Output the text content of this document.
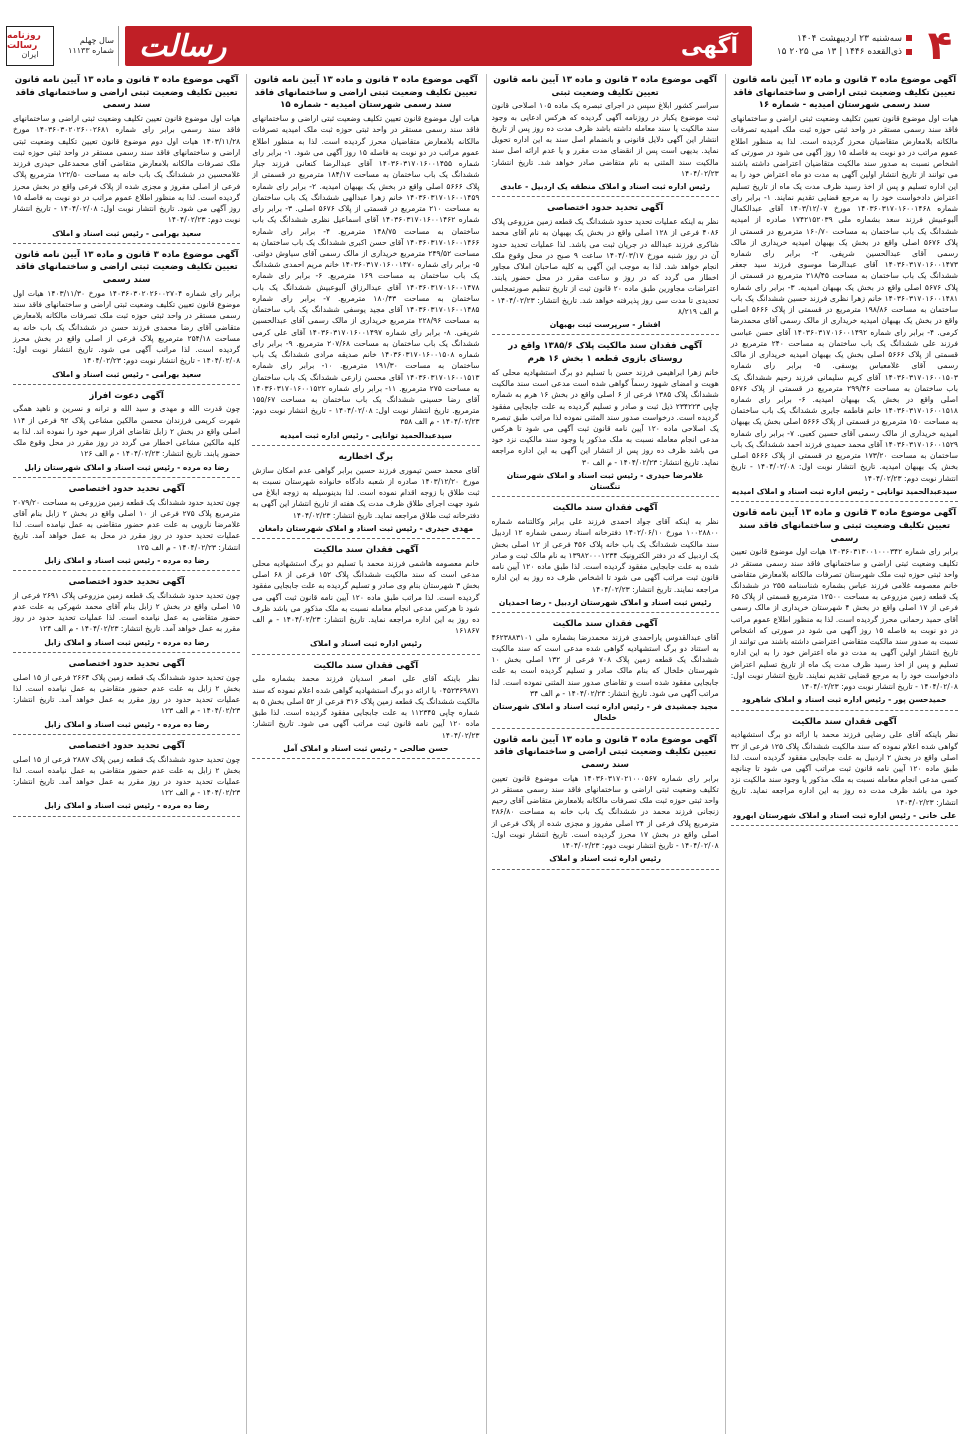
روزنامه رسالت
ایران
سال چهلم
شماره ۱۱۱۳۳ رسالت	آگهی	سه‌شنبه ۲۳ اردیبهشت ۱۴۰۴
۱۵ ذی‌القعده ۱۴۴۶ | ۱۳ می ۲۰۲۵ ۴
آگهی موضوع ماده ۳ قانون و ماده ۱۳ آیین نامه قانون تعیین تکلیف وضعیت ثبتی اراضی و ساختمانهای فاقد سند رسمی شهرستان امیدیه - شماره ۱۶
هیات اول موضوع قانون تعیین تکلیف وضعیت ثبتی اراضی و ساختمانهای فاقد سند رسمی مستقر در واحد ثبتی حوزه ثبت ملک امیدیه تصرفات مالکانه بلامعارض متقاضیان محرز گردیده است. لذا به منظور اطلاع عموم مراتب در دو نوبت به فاصله ۱۵ روز آگهی می شود در صورتی که اشخاص نسبت به صدور سند مالکیت متقاضیان اعتراضی داشته باشند می توانند از تاریخ انتشار اولین آگهی به مدت دو ماه اعتراض خود را به این اداره تسلیم و پس از اخذ رسید ظرف مدت یک ماه از تاریخ تسلیم اعتراض دادخواست خود را به مرجع قضایی تقدیم نمایند. ۱- برابر رای شماره ۱۴۰۳۶۰۳۱۷۰۱۶۰۰۱۴۶۸ مورخ ۱۴۰۳/۱۲/۰۷ آقای عبدالکمال آلبوعبیش فرزند سعد بشماره ملی ۱۷۴۲۱۵۲۰۳۹ صادره از امیدیه ششدانگ یک باب ساختمان به مساحت ۱۶۰/۷۰ مترمربع در قسمتی از پلاک ۵۶۷۶ اصلی واقع در بخش یک بهبهان امیدیه خریداری از مالک رسمی آقای عبدالحسین شریفی. ۲- برابر رای شماره ۱۴۰۳۶۰۳۱۷۰۱۶۰۰۱۴۷۳ آقای عبدالرضا موسوی فرزند سید جعفر ششدانگ یک باب ساختمان به مساحت ۲۱۸/۴۵ مترمربع در قسمتی از پلاک ۵۶۷۶ اصلی واقع در بخش یک بهبهان امیدیه. ۳- برابر رای شماره ۱۴۰۳۶۰۳۱۷۰۱۶۰۰۱۴۸۱ خانم زهرا نظری فرزند حسین ششدانگ یک باب ساختمان به مساحت ۱۹۸/۸۶ مترمربع در قسمتی از پلاک ۵۶۶۶ اصلی واقع در بخش یک بهبهان امیدیه خریداری از مالک رسمی آقای محمدرضا کرمی. ۴- برابر رای شماره ۱۴۰۳۶۰۳۱۷۰۱۶۰۰۱۴۹۲ آقای حسن عباسی فرزند علی ششدانگ یک باب ساختمان به مساحت ۲۴۰ مترمربع در قسمتی از پلاک ۵۶۶۶ اصلی بخش یک بهبهان امیدیه خریداری از مالک رسمی آقای غلامعباس یوسفی. ۵- برابر رای شماره ۱۴۰۳۶۰۳۱۷۰۱۶۰۰۱۵۰۳ آقای کریم سلیمانی فرزند رحیم ششدانگ یک باب ساختمان به مساحت ۲۹۹/۴۶ مترمربع در قسمتی از پلاک ۵۶۷۶ اصلی واقع در بخش یک بهبهان امیدیه. ۶- برابر رای شماره ۱۴۰۳۶۰۳۱۷۰۱۶۰۰۱۵۱۸ خانم فاطمه جابری ششدانگ یک باب ساختمان به مساحت ۱۵۰ مترمربع در قسمتی از پلاک ۵۶۶۶ اصلی بخش یک بهبهان امیدیه خریداری از مالک رسمی آقای حسین کعبی. ۷- برابر رای شماره ۱۴۰۳۶۰۳۱۷۰۱۶۰۰۱۵۲۹ آقای محمد حمیدی فرزند احمد ششدانگ یک باب ساختمان به مساحت ۱۷۳/۲۰ مترمربع در قسمتی از پلاک ۵۶۶۶ اصلی بخش یک بهبهان امیدیه. تاریخ انتشار نوبت اول: ۱۴۰۴/۰۲/۰۸ - تاریخ انتشار نوبت دوم: ۱۴۰۴/۰۲/۲۳
سیدعبدالحمید توانایی - رئیس اداره ثبت اسناد و املاک امیدیه
آگهی موضوع ماده ۳ قانون و ماده ۱۳ آیین نامه قانون تعیین تکلیف وضعیت ثبتی و ساختمانهای فاقد سند رسمی
برابر رای شماره ۱۴۰۳۶۰۳۱۳۰۰۱۰۰۰۳۴۲ هیات اول موضوع قانون تعیین تکلیف وضعیت ثبتی اراضی و ساختمانهای فاقد سند رسمی مستقر در واحد ثبتی حوزه ثبت ملک شهرستان تصرفات مالکانه بلامعارض متقاضی خانم معصومه غلامی فرزند عباس بشماره شناسنامه ۲۵۵ در ششدانگ یک قطعه زمین مزروعی به مساحت ۱۲۵۰۰ مترمربع قسمتی از پلاک ۶۵ فرعی از ۱۷ اصلی واقع در بخش ۴ شهرستان خریداری از مالک رسمی آقای حمید رحمانی محرز گردیده است. لذا به منظور اطلاع عموم مراتب در دو نوبت به فاصله ۱۵ روز آگهی می شود در صورتی که اشخاص نسبت به صدور سند مالکیت متقاضی اعتراضی داشته باشند می توانند از تاریخ انتشار اولین آگهی به مدت دو ماه اعتراض خود را به این اداره تسلیم و پس از اخذ رسید ظرف مدت یک ماه از تاریخ تسلیم اعتراض دادخواست خود را به مرجع قضایی تقدیم نمایند. تاریخ انتشار نوبت اول: ۱۴۰۴/۰۲/۰۸ - تاریخ انتشار نوبت دوم: ۱۴۰۴/۰۲/۲۳
حمیدحسن پور - رئیس اداره ثبت اسناد و املاک شاهرود
آگهی فقدان سند مالکیت
نظر باینکه آقای علی رضایی فرزند محمد با ارائه دو برگ استشهادیه گواهی شده اعلام نموده که سند مالکیت ششدانگ پلاک ۱۲۵ فرعی از ۳۲ اصلی واقع در بخش ۲ اردبیل به علت جابجایی مفقود گردیده است. لذا طبق ماده ۱۲۰ آیین نامه قانون ثبت مراتب آگهی می شود تا چنانچه کسی مدعی انجام معامله نسبت به ملک مذکور یا وجود سند مالکیت نزد خود می باشد ظرف مدت ده روز به این اداره مراجعه نماید. تاریخ انتشار: ۱۴۰۴/۰۲/۲۳
علی خانی - رئیس اداره ثبت اسناد و املاک شهرستان ابهرود
آگهی موضوع ماده ۳ قانون و ماده ۱۳ آیین نامه قانون تعیین تکلیف وضعیت ثبتی
سراسر کشور ابلاغ سپس در اجرای تبصره یک ماده ۱۰۵ اصلاحی قانون ثبت موضوع یکبار در روزنامه آگهی گردیده که هرکس ادعایی به وجود سند مالکیت یا سند معامله داشته باشد ظرف مدت ده روز پس از تاریخ انتشار این آگهی دلایل قانونی و بانضمام اصل سند به این اداره تحویل نماید. بدیهی است پس از انقضای مدت مقرر و یا عدم ارائه اصل سند مالکیت سند المثنی به نام متقاضی صادر خواهد شد. تاریخ انتشار: ۱۴۰۴/۰۲/۲۳
رئیس اداره ثبت اسناد و املاک منطقه یک اردبیل - عابدی
آگهی تحدید حدود اختصاصی
نظر به اینکه عملیات تحدید حدود ششدانگ یک قطعه زمین مزروعی پلاک ۴۰۸۶ فرعی از ۱۲۸ اصلی واقع در بخش یک بهبهان به نام آقای محمد شاکری فرزند عبدالله در جریان ثبت می باشد. لذا عملیات تحدید حدود آن در روز شنبه مورخ ۱۴۰۴/۰۳/۱۷ ساعت ۹ صبح در محل وقوع ملک انجام خواهد شد. لذا به موجب این آگهی به کلیه صاحبان املاک مجاور اخطار می گردد که در روز و ساعت مقرر در محل حضور یابند. اعتراضات مجاورین طبق ماده ۲۰ قانون ثبت از تاریخ تنظیم صورتمجلس تحدیدی تا مدت سی روز پذیرفته خواهد شد. تاریخ انتشار: ۱۴۰۴/۰۲/۲۳ - م الف ۸/۲۱۹
افشار - سرپرست ثبت بهبهان
آگهی فقدان سند مالکیت پلاک ۱۳۸۵/۶ واقع در روستای بازوی قطعه ۱ بخش ۱۶ هرم
خانم زهرا ابراهیمی فرزند حسن با تسلیم دو برگ استشهادیه محلی که هویت و امضای شهود رسماً گواهی شده است مدعی است سند مالکیت ششدانگ پلاک ۱۳۸۵ فرعی از ۶ اصلی واقع در بخش ۱۶ هرم به شماره چاپی ۲۳۴۲۲۳ ذیل ثبت و صادر و تسلیم گردیده به علت جابجایی مفقود گردیده است. درخواست صدور سند المثنی نموده لذا مراتب طبق تبصره یک اصلاحی ماده ۱۲۰ آیین نامه قانون ثبت آگهی می شود تا هرکس مدعی انجام معامله نسبت به ملک مذکور یا وجود سند مالکیت نزد خود می باشد ظرف ده روز پس از انتشار این آگهی به این اداره مراجعه نماید. تاریخ انتشار: ۱۴۰۴/۰۲/۲۳ - م الف ۳۰
غلامرضا حیدری - رئیس ثبت اسناد و املاک شهرستان تنگستان
آگهی فقدان سند مالکیت
نظر به اینکه آقای جواد احمدی فرزند علی برابر وکالتنامه شماره ۱۰۰۲۸۸۰۰ مورخ ۱۴۰۲/۰۶/۱۰ دفترخانه اسناد رسمی شماره ۱۲ اردبیل سند مالکیت ششدانگ یک باب خانه پلاک ۴۵۶ فرعی از ۱۲ اصلی بخش یک اردبیل که در دفتر الکترونیک ۱۳۹۸۲۰۰۰۱۲۳۴ به نام مالک ثبت و صادر شده به علت جابجایی مفقود گردیده است. لذا طبق ماده ۱۲۰ آیین نامه قانون ثبت مراتب آگهی می شود تا اشخاص ظرف ده روز به این اداره مراجعه نمایند. تاریخ انتشار: ۱۴۰۴/۰۲/۲۳
رئیس ثبت اسناد و املاک شهرستان اردبیل - رضا احمدیان
آگهی فقدان سند مالکیت
آقای عبدالقدوس یاراحمدی فرزند محمدرضا بشماره ملی ۴۶۲۳۸۸۳۱۰۱ به استناد دو برگ استشهادیه گواهی شده مدعی است که سند مالکیت ششدانگ یک قطعه زمین پلاک ۷۰۸ فرعی از ۱۳۲ اصلی بخش ۱۰ شهرستان خلخال که بنام مالک صادر و تسلیم گردیده است به علت جابجایی مفقود شده است و تقاضای صدور سند المثنی نموده است. لذا مراتب آگهی می شود. تاریخ انتشار: ۱۴۰۴/۰۲/۲۳ - م الف ۳۴
مجید جمشیدی فر - رئیس اداره ثبت اسناد و املاک شهرستان خلخال
آگهی موضوع ماده ۳ قانون و ماده ۱۳ آیین نامه قانون تعیین تکلیف وضعیت ثبتی اراضی و ساختمانهای فاقد سند رسمی
برابر رای شماره ۱۴۰۳۶۰۳۱۷۰۲۱۰۰۰۵۶۷ هیات موضوع قانون تعیین تکلیف وضعیت ثبتی اراضی و ساختمانهای فاقد سند رسمی مستقر در واحد ثبتی حوزه ثبت ملک تصرفات مالکانه بلامعارض متقاضی آقای رحیم زنجانی فرزند محمد در ششدانگ یک باب خانه به مساحت ۲۸۶/۸۰ مترمربع پلاک فرعی از ۲۴ اصلی مفروز و مجزی شده از پلاک فرعی از اصلی واقع در بخش ۱۷ محرز گردیده است. تاریخ انتشار نوبت اول: ۱۴۰۴/۰۲/۰۸ - تاریخ انتشار نوبت دوم: ۱۴۰۴/۰۲/۲۳
رئیس اداره ثبت اسناد و املاک
آگهی موضوع ماده ۳ قانون و ماده ۱۳ آیین نامه قانون تعیین تکلیف وضعیت ثبتی اراضی و ساختمانهای فاقد سند رسمی شهرستان امیدیه - شماره ۱۵
هیات اول موضوع قانون تعیین تکلیف وضعیت ثبتی اراضی و ساختمانهای فاقد سند رسمی مستقر در واحد ثبتی حوزه ثبت ملک امیدیه تصرفات مالکانه بلامعارض متقاضیان محرز گردیده است. لذا به منظور اطلاع عموم مراتب در دو نوبت به فاصله ۱۵ روز آگهی می شود. ۱- برابر رای شماره ۱۴۰۳۶۰۳۱۷۰۱۶۰۰۱۴۵۵ آقای عبدالرضا کنعانی فرزند جبار ششدانگ یک باب ساختمان به مساحت ۱۸۴/۱۷ مترمربع در قسمتی از پلاک ۵۶۶۶ اصلی واقع در بخش یک بهبهان امیدیه. ۲- برابر رای شماره ۱۴۰۳۶۰۳۱۷۰۱۶۰۰۱۴۵۹ خانم زهرا عبدالهی ششدانگ یک باب ساختمان به مساحت ۲۱۰ مترمربع در قسمتی از پلاک ۵۶۷۶ اصلی. ۳- برابر رای شماره ۱۴۰۳۶۰۳۱۷۰۱۶۰۰۱۴۶۲ آقای اسماعیل نظری ششدانگ یک باب ساختمان به مساحت ۱۴۸/۷۵ مترمربع. ۴- برابر رای شماره ۱۴۰۳۶۰۳۱۷۰۱۶۰۰۱۴۶۶ آقای حسن اکبری ششدانگ یک باب ساختمان به مساحت ۲۴۹/۵۲ مترمربع خریداری از مالک رسمی آقای سیاوش دولتی. ۵- برابر رای شماره ۱۴۰۳۶۰۳۱۷۰۱۶۰۰۱۴۷۰ خانم مریم احمدی ششدانگ یک باب ساختمان به مساحت ۱۶۹ مترمربع. ۶- برابر رای شماره ۱۴۰۳۶۰۳۱۷۰۱۶۰۰۱۴۷۸ آقای عبدالرزاق آلبوعبیش ششدانگ یک باب ساختمان به مساحت ۱۸۰/۴۳ مترمربع. ۷- برابر رای شماره ۱۴۰۳۶۰۳۱۷۰۱۶۰۰۱۴۸۵ آقای مجید یوسفی ششدانگ یک باب ساختمان به مساحت ۲۲۸/۹۶ مترمربع خریداری از مالک رسمی آقای عبدالحسین شریفی. ۸- برابر رای شماره ۱۴۰۳۶۰۳۱۷۰۱۶۰۰۱۴۹۷ آقای علی کرمی ششدانگ یک باب ساختمان به مساحت ۲۰۷/۶۸ مترمربع. ۹- برابر رای شماره ۱۴۰۳۶۰۳۱۷۰۱۶۰۰۱۵۰۸ خانم صدیقه مرادی ششدانگ یک باب ساختمان به مساحت ۱۹۱/۳۰ مترمربع. ۱۰- برابر رای شماره ۱۴۰۳۶۰۳۱۷۰۱۶۰۰۱۵۱۳ آقای محسن زارعی ششدانگ یک باب ساختمان به مساحت ۲۷۵ مترمربع. ۱۱- برابر رای شماره ۱۴۰۳۶۰۳۱۷۰۱۶۰۰۱۵۲۲ آقای رضا حسینی ششدانگ یک باب ساختمان به مساحت ۱۵۵/۶۷ مترمربع. تاریخ انتشار نوبت اول: ۱۴۰۴/۰۲/۰۸ - تاریخ انتشار نوبت دوم: ۱۴۰۴/۰۲/۲۳ - م الف ۳۵۸
سیدعبدالحمید توانایی - رئیس اداره ثبت امیدیه
برگ اخطاریه
آقای محمد حسن تیموری فرزند حسین برابر گواهی عدم امکان سازش مورخ ۱۴۰۳/۱۲/۲۰ صادره از شعبه دادگاه خانواده شهرستان نسبت به ثبت طلاق با زوجه اقدام نموده است. لذا بدینوسیله به زوجه ابلاغ می شود جهت اجرای طلاق ظرف مدت یک هفته از تاریخ انتشار این آگهی به دفترخانه ثبت طلاق مراجعه نماید. تاریخ انتشار: ۱۴۰۴/۰۲/۲۳
مهدی حیدری - رئیس ثبت اسناد و املاک شهرستان دامغان
آگهی فقدان سند مالکیت
خانم معصومه هاشمی فرزند محمد با تسلیم دو برگ استشهادیه محلی مدعی است که سند مالکیت ششدانگ پلاک ۱۵۲ فرعی از ۶۸ اصلی بخش ۳ شهرستان بنام وی صادر و تسلیم گردیده به علت جابجایی مفقود گردیده است. لذا مراتب طبق ماده ۱۲۰ آیین نامه قانون ثبت آگهی می شود تا هرکس مدعی انجام معامله نسبت به ملک مذکور می باشد ظرف ده روز به این اداره مراجعه نماید. تاریخ انتشار: ۱۴۰۴/۰۲/۲۳ - م الف ۱۶۱۸۶۷
رئیس اداره ثبت اسناد و املاک
آگهی فقدان سند مالکیت
نظر باینکه آقای علی اصغر اسدیان فرزند محمد بشماره ملی ۰۴۵۲۳۶۹۸۷۱ با ارائه دو برگ استشهادیه گواهی شده اعلام نموده که سند مالکیت ششدانگ یک قطعه زمین پلاک ۳۱۶ فرعی از ۵۲ اصلی بخش ۵ به شماره چاپی ۱۱۲۳۴۵ به علت جابجایی مفقود گردیده است. لذا طبق ماده ۱۲۰ آیین نامه قانون ثبت مراتب آگهی می شود. تاریخ انتشار: ۱۴۰۴/۰۲/۲۳
حسن صالحی - رئیس ثبت اسناد و املاک آمل
آگهی موضوع ماده ۳ قانون و ماده ۱۳ آیین نامه قانون تعیین تکلیف وضعیت ثبتی اراضی و ساختمانهای فاقد سند رسمی
هیات اول موضوع قانون تعیین تکلیف وضعیت ثبتی اراضی و ساختمانهای فاقد سند رسمی برابر رای شماره ۱۴۰۳۶۰۳۰۲۰۲۶۰۰۲۶۸۱ مورخ ۱۴۰۳/۱۱/۲۸ هیات اول دوم موضوع قانون تعیین تکلیف وضعیت ثبتی اراضی و ساختمانهای فاقد سند رسمی مستقر در واحد ثبتی حوزه ثبت ملک تصرفات مالکانه بلامعارض متقاضی آقای محمدعلی حیدری فرزند غلامحسین در ششدانگ یک باب خانه به مساحت ۱۲۲/۵۰ مترمربع پلاک فرعی از اصلی مفروز و مجزی شده از پلاک فرعی واقع در بخش محرز گردیده است. لذا به منظور اطلاع عموم مراتب در دو نوبت به فاصله ۱۵ روز آگهی می شود. تاریخ انتشار نوبت اول: ۱۴۰۴/۰۲/۰۸ - تاریخ انتشار نوبت دوم: ۱۴۰۴/۰۲/۲۳
سعید بهرامی - رئیس ثبت اسناد و املاک
آگهی موضوع ماده ۳ قانون و ماده ۱۳ آیین نامه قانون تعیین تکلیف وضعیت ثبتی اراضی و ساختمانهای فاقد سند رسمی
برابر رای شماره ۱۴۰۳۶۰۳۰۲۰۲۶۰۰۲۷۰۴ مورخ ۱۴۰۳/۱۱/۳۰ هیات اول موضوع قانون تعیین تکلیف وضعیت ثبتی اراضی و ساختمانهای فاقد سند رسمی مستقر در واحد ثبتی حوزه ثبت ملک تصرفات مالکانه بلامعارض متقاضی آقای رضا محمدی فرزند حسن در ششدانگ یک باب خانه به مساحت ۲۵۴/۱۸ مترمربع پلاک فرعی از اصلی واقع در بخش محرز گردیده است. لذا مراتب آگهی می شود. تاریخ انتشار نوبت اول: ۱۴۰۴/۰۲/۰۸ - تاریخ انتشار نوبت دوم: ۱۴۰۴/۰۲/۲۳
سعید بهرامی - رئیس ثبت اسناد و املاک
آگهی دعوت افراز
چون قدرت الله و مهدی و سید الله و ترانه و نسرین و ناهید همگی شهرت کریمی فرزندان محسن مالکین مشاعی پلاک ۹۲ فرعی از ۱۱۴ اصلی واقع در بخش ۲ زابل تقاضای افراز سهم خود را نموده اند. لذا به کلیه مالکین مشاعی اخطار می گردد در روز مقرر در محل وقوع ملک حضور یابند. تاریخ انتشار: ۱۴۰۴/۰۲/۲۳ - م الف ۱۲۶
رضا ده مرده - رئیس ثبت اسناد و املاک شهرستان زابل
آگهی تحدید حدود اختصاصی
چون تحدید حدود ششدانگ یک قطعه زمین مزروعی به مساحت ۲۰۷۹/۲۰ مترمربع پلاک ۲۷۵ فرعی از ۱۰ اصلی واقع در بخش ۲ زابل بنام آقای غلامرضا نارویی به علت عدم حضور متقاضی به عمل نیامده است. لذا عملیات تحدید حدود در روز مقرر در محل به عمل خواهد آمد. تاریخ انتشار: ۱۴۰۴/۰۲/۲۳ - م الف ۱۲۵
رضا ده مرده - رئیس ثبت اسناد و املاک زابل
آگهی تحدید حدود اختصاصی
چون تحدید حدود ششدانگ یک قطعه زمین مزروعی پلاک ۲۶۹۱ فرعی از ۱۵ اصلی واقع در بخش ۲ زابل بنام آقای محمد شهرکی به علت عدم حضور متقاضی به عمل نیامده است. لذا عملیات تحدید حدود در روز مقرر به عمل خواهد آمد. تاریخ انتشار: ۱۴۰۴/۰۲/۲۳ - م الف ۱۲۴
رضا ده مرده - رئیس ثبت اسناد و املاک زابل
آگهی تحدید حدود اختصاصی
چون تحدید حدود ششدانگ یک قطعه زمین پلاک ۲۶۶۴ فرعی از ۱۵ اصلی بخش ۲ زابل به علت عدم حضور متقاضی به عمل نیامده است. لذا عملیات تحدید حدود در روز مقرر به عمل خواهد آمد. تاریخ انتشار: ۱۴۰۴/۰۲/۲۳ - م الف ۱۲۳
رضا ده مرده - رئیس ثبت اسناد و املاک زابل
آگهی تحدید حدود اختصاصی
چون تحدید حدود ششدانگ یک قطعه زمین پلاک ۲۸۸۷ فرعی از ۱۵ اصلی بخش ۲ زابل به علت عدم حضور متقاضی به عمل نیامده است. لذا عملیات تحدید حدود در روز مقرر به عمل خواهد آمد. تاریخ انتشار: ۱۴۰۴/۰۲/۲۳ - م الف ۱۲۲
رضا ده مرده - رئیس ثبت اسناد و املاک زابل
